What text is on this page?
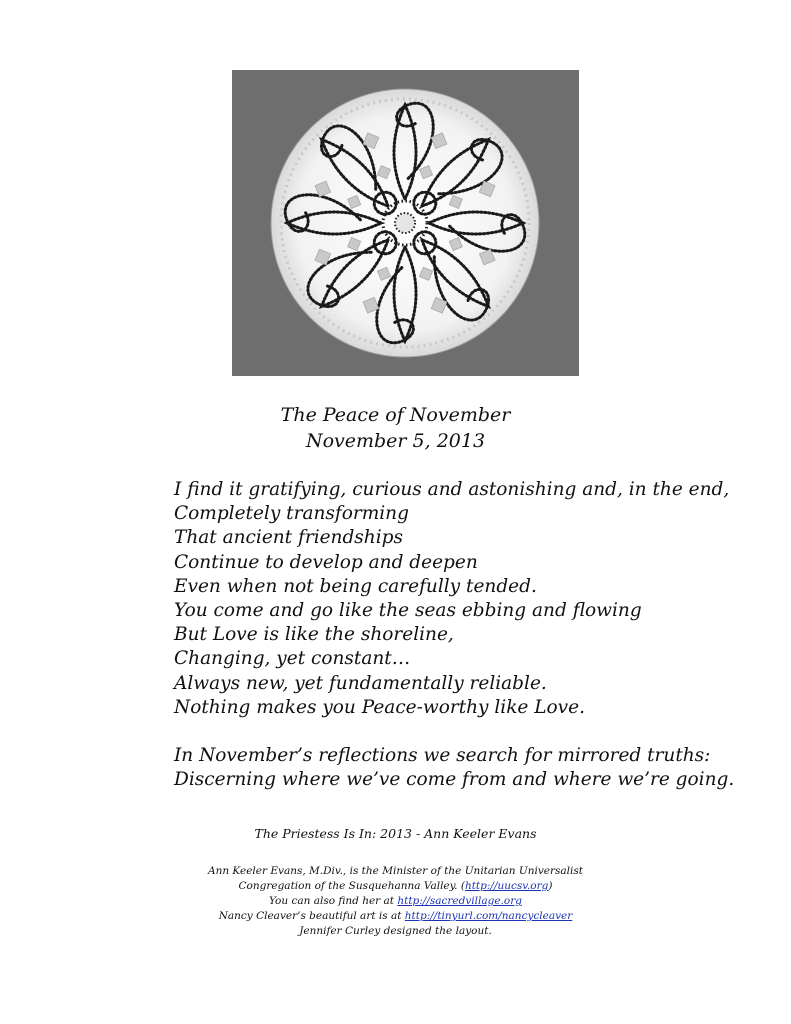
The Peace of November
November 5, 2013
I find it gratifying, curious and astonishing and, in the end,
Completely transforming
That ancient friendships
Continue to develop and deepen
Even when not being carefully tended.
You come and go like the seas ebbing and flowing
But Love is like the shoreline,
Changing, yet constant…
Always new, yet fundamentally reliable.
Nothing makes you Peace-worthy like Love.
In November’s reflections we search for mirrored truths:
Discerning where we’ve come from and where we’re going.
The Priestess Is In: 2013 - Ann Keeler Evans
Ann Keeler Evans, M.Div., is the Minister of the Unitarian Universalist
Congregation of the Susquehanna Valley. (http://uucsv.org)
You can also find her at http://sacredvillage.org
Nancy Cleaver’s beautiful art is at http://tinyurl.com/nancycleaver
Jennifer Curley designed the layout.
